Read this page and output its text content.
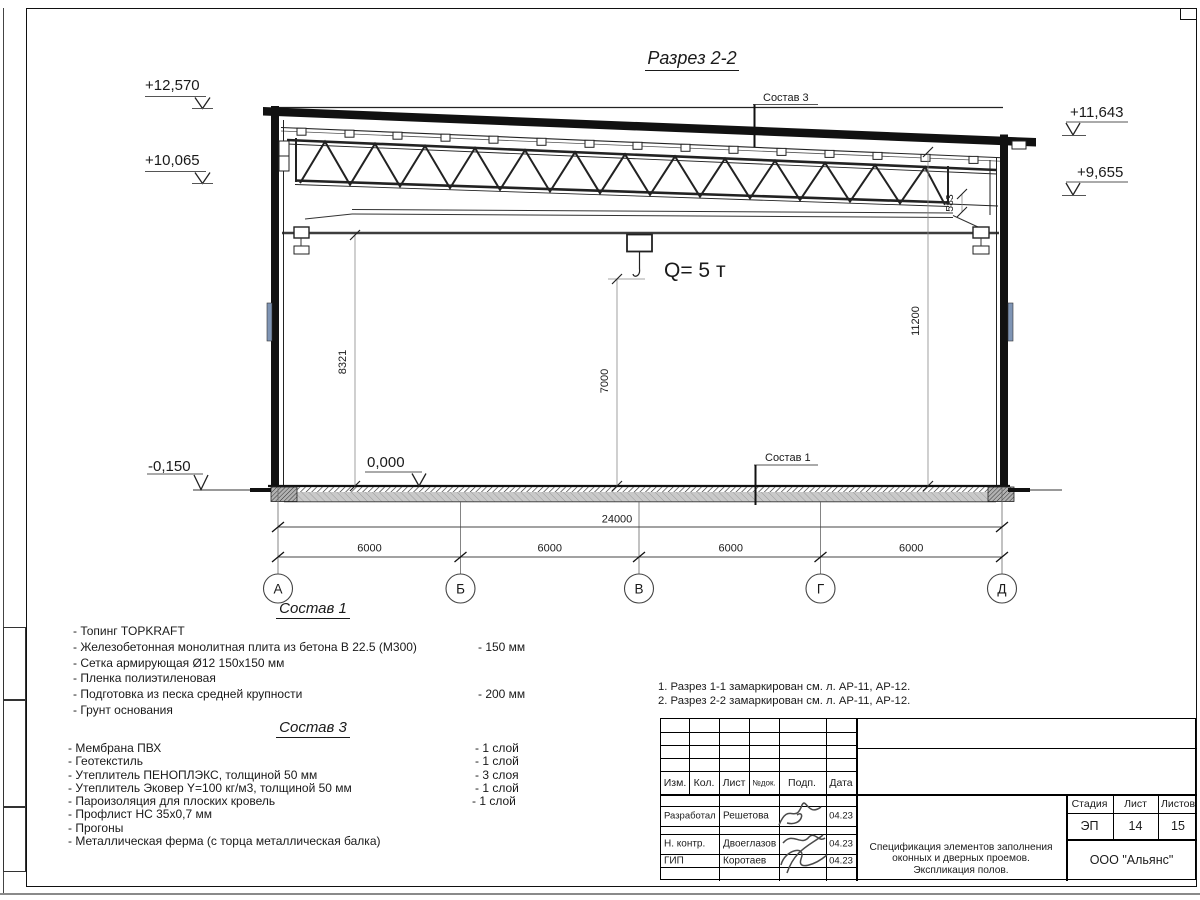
Разрез 2-2
Q= 5 т
+12,570
+10,065
-0,150	0,000
+11,643
+9,655
Состав 3
Состав 1
8321
7000
11200
583
24000
6000	6000	6000	6000
А	Б	В	Г	Д
Состав 1
- Топинг TOPKRAFT
- Железобетонная монолитная плита из бетона В 22.5 (М300)	- 150 мм
- Сетка армирующая Ø12 150х150 мм
- Пленка полиэтиленовая
- Подготовка из песка средней крупности	- 200 мм
- Грунт основания
Состав 3
- Мембрана ПВХ	- 1 слой
- Геотекстиль	- 1 слой
- Утеплитель ПЕНОПЛЭКС, толщиной 50 мм	- 3 слоя
- Утеплитель Эковер Y=100 кг/м3, толщиной 50 мм	- 1 слой
- Пароизоляция для плоских кровель	- 1 слой
- Профлист НС 35х0,7 мм
- Прогоны
- Металлическая ферма (с торца металлическая балка)
1. Разрез 1-1 замаркирован см. л. АР-11, АР-12.
2. Разрез 2-2 замаркирован см. л. АР-11, АР-12.
Изм. Кол. Лист №док. Подп. Дата
Разработал Решетова	04.23
Н. контр. Двоеглазов	04.23
ГИП	Коротаев	04.23
Спецификация элементов заполнения
оконных и дверных проемов.
Экспликация полов.
Стадия Лист Листов
ЭП 14 15
ООО "Альянс"
